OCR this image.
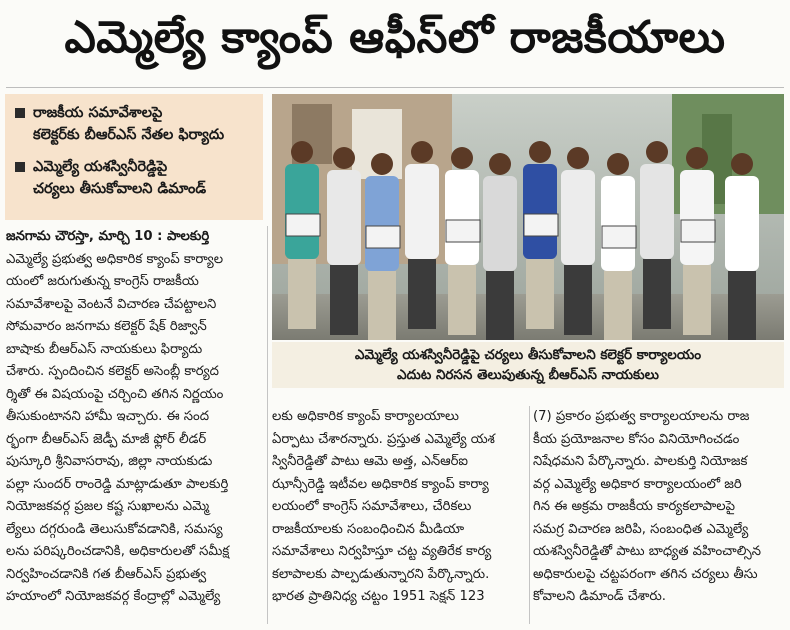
ఎమ్మెల్యే క్యాంప్ ఆఫీస్‌లో రాజకీయాలు
రాజకీయ సమావేశాలపై
కలెక్టర్‌కు బీఆర్ఎస్ నేతల ఫిర్యాదు
ఎమ్మెల్యే యశస్వినీరెడ్డిపై
చర్యలు తీసుకోవాలని డిమాండ్
ఎమ్మెల్యే యశస్వినీరెడ్డిపై చర్యలు తీసుకోవాలని కలెక్టర్ కార్యాలయం
ఎదుట నిరసన తెలుపుతున్న బీఆర్ఎస్ నాయకులు
జనగామ చౌరస్తా, మార్చి 10 : పాలకుర్తి
ఎమ్మెల్యే ప్రభుత్వ అధికారిక క్యాంప్ కార్యాల
యంలో జరుగుతున్న కాంగ్రెస్ రాజకీయ
సమావేశాలపై వెంటనే విచారణ చేపట్టాలని
సోమవారం జనగామ కలెక్టర్ షేక్ రిజ్వాన్
బాషాకు బీఆర్ఎస్ నాయకులు ఫిర్యాదు
చేశారు. స్పందించిన కలెక్టర్ అసెంబ్లీ కార్యద
ర్శితో ఈ విషయంపై చర్చించి తగిన నిర్ణయం
తీసుకుంటానని హామీ ఇచ్చారు. ఈ సంద
ర్భంగా బీఆర్ఎస్ జెడ్పీ మాజీ ఫ్లోర్ లీడర్
పుస్కూరి శ్రీనివాసరావు, జిల్లా నాయకుడు
పల్లా సుందర్ రాంరెడ్డి మాట్లాడుతూ పాలకుర్తి
నియోజకవర్గ ప్రజల కష్ట సుఖాలను ఎమ్మె
ల్యేలు దగ్గరుండి తెలుసుకోవడానికి, సమస్య
లను పరిష్కరించడానికి, అధికారులతో సమీక్ష
నిర్వహించడానికి గత బీఆర్ఎస్ ప్రభుత్వ
హయాంలో నియోజకవర్గ కేంద్రాల్లో ఎమ్మెల్యే
లకు అధికారిక క్యాంప్ కార్యాలయాలు
ఏర్పాటు చేశారన్నారు. ప్రస్తుత ఎమ్మెల్యే యశ
స్వినీరెడ్డితో పాటు ఆమె అత్త, ఎన్ఆర్ఐ
ఝాన్సీరెడ్డి ఇటీవల అధికారిక క్యాంప్ కార్యా
లయంలో కాంగ్రెస్ సమావేశాలు, చేరికలు
రాజకీయాలకు సంబంధించిన మీడియా
సమావేశాలు నిర్వహిస్తూ చట్ట వ్యతిరేక కార్య
కలాపాలకు పాల్పడుతున్నారని పేర్కొన్నారు.
భారత ప్రాతినిధ్య చట్టం 1951 సెక్షన్ 123
(7) ప్రకారం ప్రభుత్వ కార్యాలయాలను రాజ
కీయ ప్రయోజనాల కోసం వినియోగించడం
నిషేధమని పేర్కొన్నారు. పాలకుర్తి నియోజక
వర్గ ఎమ్మెల్యే అధికార కార్యాలయంలో జరి
గిన ఈ అక్రమ రాజకీయ కార్యకలాపాలపై
సమగ్ర విచారణ జరిపి, సంబంధిత ఎమ్మెల్యే
యశస్వినీరెడ్డితో పాటు బాధ్యత వహించాల్సిన
అధికారులపై చట్టపరంగా తగిన చర్యలు తీసు
కోవాలని డిమాండ్ చేశారు.
